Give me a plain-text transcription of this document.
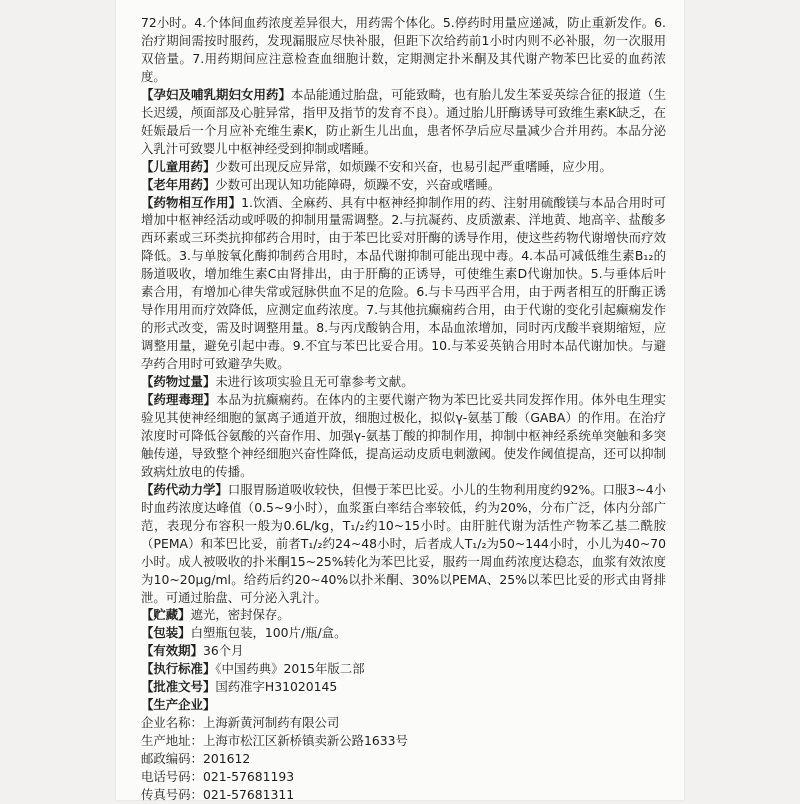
72小时。4.个体间血药浓度差异很大，用药需个体化。5.停药时用量应递减，防止重新发作。6.治疗期间需按时服药，发现漏服应尽快补服，但距下次给药前1小时内则不必补服，勿一次服用双倍量。7.用药期间应注意检查血细胞计数，定期测定扑米酮及其代谢产物苯巴比妥的血药浓度。

【孕妇及哺乳期妇女用药】本品能通过胎盘，可能致畸，也有胎儿发生苯妥英综合征的报道（生长迟缓，颅面部及心脏异常，指甲及指节的发育不良）。通过胎儿肝酶诱导可致维生素K缺乏，在妊娠最后一个月应补充维生素K，防止新生儿出血，患者怀孕后应尽量减少合并用药。本品分泌入乳汁可致婴儿中枢神经受到抑制或嗜睡。

【儿童用药】少数可出现反应异常，如烦躁不安和兴奋，也易引起严重嗜睡，应少用。

【老年用药】少数可出现认知功能障碍，烦躁不安，兴奋或嗜睡。

【药物相互作用】1.饮酒、全麻药、具有中枢神经抑制作用的药、注射用硫酸镁与本品合用时可增加中枢神经活动或呼吸的抑制用量需调整。2.与抗凝药、皮质激素、洋地黄、地高辛、盐酸多西环素或三环类抗抑郁药合用时，由于苯巴比妥对肝酶的诱导作用，使这些药物代谢增快而疗效降低。3.与单胺氧化酶抑制药合用时，本品代谢抑制可能出现中毒。4.本品可减低维生素B₁₂的肠道吸收，增加维生素C由肾排出，由于肝酶的正诱导，可使维生素D代谢加快。5.与垂体后叶素合用，有增加心律失常或冠脉供血不足的危险。6.与卡马西平合用，由于两者相互的肝酶正诱导作用用而疗效降低，应测定血药浓度。7.与其他抗癫痫药合用，由于代谢的变化引起癫痫发作的形式改变，需及时调整用量。8.与丙戊酸钠合用，本品血浓增加，同时丙戊酸半衰期缩短，应调整用量，避免引起中毒。9.不宜与苯巴比妥合用。10.与苯妥英钠合用时本品代谢加快。与避孕药合用时可致避孕失败。

【药物过量】未进行该项实验且无可靠参考文献。

【药理毒理】本品为抗癫痫药。在体内的主要代谢产物为苯巴比妥共同发挥作用。体外电生理实验见其使神经细胞的氯离子通道开放，细胞过极化，拟似γ-氨基丁酸（GABA）的作用。在治疗浓度时可降低谷氨酸的兴奋作用、加强γ-氨基丁酸的抑制作用，抑制中枢神经系统单突触和多突触传递，导致整个神经细胞兴奋性降低，提高运动皮质电刺激阈。使发作阈值提高，还可以抑制致病灶放电的传播。

【药代动力学】口服胃肠道吸收较快，但慢于苯巴比妥。小儿的生物利用度约92%。口服3~4小时血药浓度达峰值（0.5~9小时），血浆蛋白率结合率较低，约为20%，分布广泛，体内分部广范，表现分布容积一般为0.6L/kg，T₁/₂约10~15小时。由肝脏代谢为活性产物苯乙基二酰胺（PEMA）和苯巴比妥，前者T₁/₂约24~48小时，后者成人T₁/₂为50~144小时，小儿为40~70小时。成人被吸收的扑米酮15~25%转化为苯巴比妥，服药一周血药浓度达稳态，血浆有效浓度为10~20μg/ml。给药后约20~40%以扑米酮、30%以PEMA、25%以苯巴比妥的形式由肾排泄。可通过胎盘、可分泌入乳汁。

【贮藏】遮光，密封保存。

【包装】白塑瓶包装，100片/瓶/盒。

【有效期】36个月

【执行标准】《中国药典》2015年版二部

【批准文号】国药准字H31020145

【生产企业】

企业名称：上海新黄河制药有限公司

生产地址：上海市松江区新桥镇卖新公路1633号

邮政编码：201612

电话号码：021-57681193

传真号码：021-57681311
